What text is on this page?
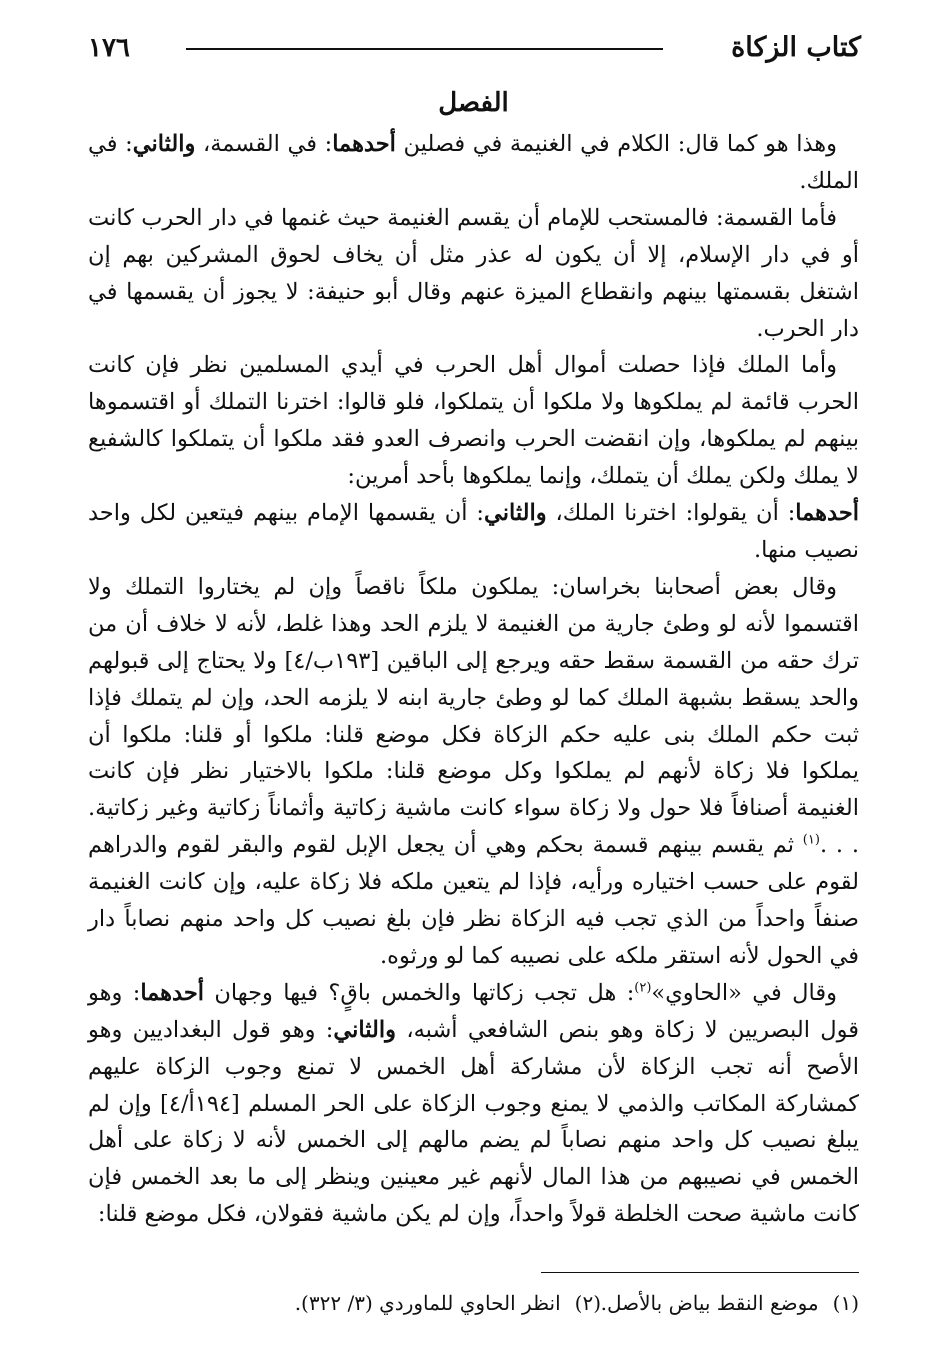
كتاب الزكاة
١٧٦
الفصل

وهذا هو كما قال: الكلام في الغنيمة في فصلين أحدهما: في القسمة، والثاني: في الملك.

فأما القسمة: فالمستحب للإمام أن يقسم الغنيمة حيث غنمها في دار الحرب كانت أو في دار الإسلام، إلا أن يكون له عذر مثل أن يخاف لحوق المشركين بهم إن اشتغل بقسمتها بينهم وانقطاع الميزة عنهم وقال أبو حنيفة: لا يجوز أن يقسمها في دار الحرب.

وأما الملك فإذا حصلت أموال أهل الحرب في أيدي المسلمين نظر فإن كانت الحرب قائمة لم يملكوها ولا ملكوا أن يتملكوا، فلو قالوا: اخترنا التملك أو اقتسموها بينهم لم يملكوها، وإن انقضت الحرب وانصرف العدو فقد ملكوا أن يتملكوا كالشفيع لا يملك ولكن يملك أن يتملك، وإنما يملكوها بأحد أمرين:

أحدهما: أن يقولوا: اخترنا الملك، والثاني: أن يقسمها الإمام بينهم فيتعين لكل واحد نصيب منها.

وقال بعض أصحابنا بخراسان: يملكون ملكاً ناقصاً وإن لم يختاروا التملك ولا اقتسموا لأنه لو وطئ جارية من الغنيمة لا يلزم الحد وهذا غلط، لأنه لا خلاف أن من ترك حقه من القسمة سقط حقه ويرجع إلى الباقين [١٩٣ب/٤] ولا يحتاج إلى قبولهم والحد يسقط بشبهة الملك كما لو وطئ جارية ابنه لا يلزمه الحد، وإن لم يتملك فإذا ثبت حكم الملك بنى عليه حكم الزكاة فكل موضع قلنا: ملكوا أو قلنا: ملكوا أن يملكوا فلا زكاة لأنهم لم يملكوا وكل موضع قلنا: ملكوا بالاختيار نظر فإن كانت الغنيمة أصنافاً فلا حول ولا زكاة سواء كانت ماشية زكاتية وأثماناً زكاتية وغير زكاتية. . . .$^{(١)}$ ثم يقسم بينهم قسمة بحكم وهي أن يجعل الإبل لقوم والبقر لقوم والدراهم لقوم على حسب اختياره ورأيه، فإذا لم يتعين ملكه فلا زكاة عليه، وإن كانت الغنيمة صنفاً واحداً من الذي تجب فيه الزكاة نظر فإن بلغ نصيب كل واحد منهم نصاباً دار في الحول لأنه استقر ملكه على نصيبه كما لو ورثوه.

وقال في «الحاوي»$^{(٢)}$: هل تجب زكاتها والخمس باقٍ؟ فيها وجهان أحدهما: وهو قول البصريين لا زكاة وهو بنص الشافعي أشبه، والثاني: وهو قول البغداديين وهو الأصح أنه تجب الزكاة لأن مشاركة أهل الخمس لا تمنع وجوب الزكاة عليهم كمشاركة المكاتب والذمي لا يمنع وجوب الزكاة على الحر المسلم [١٩٤أ/٤] وإن لم يبلغ نصيب كل واحد منهم نصاباً لم يضم مالهم إلى الخمس لأنه لا زكاة على أهل الخمس في نصيبهم من هذا المال لأنهم غير معينين وينظر إلى ما بعد الخمس فإن كانت ماشية صحت الخلطة قولاً واحداً، وإن لم يكن ماشية فقولان، فكل موضع قلنا:

(١)موضع النقط بياض بالأصل.
(٢)انظر الحاوي للماوردي (٣/ ٣٢٢).
